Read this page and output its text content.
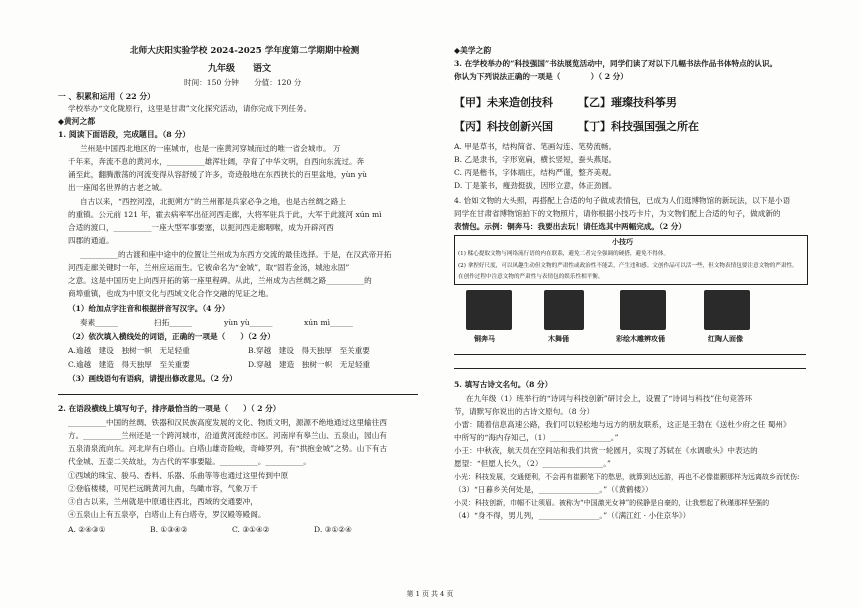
北师大庆阳实验学校 2024-2025 学年度第二学期期中检测
九年级　　语文
时间：150 分钟　　分值：120 分
一 、积累和运用（ 22 分）
学校举办“文化陇原行，这里是甘肃”文化探究活动，请你完成下列任务。
◆黄河之都
1. 阅读下面语段，完成题目。（8 分）
兰州是中国西北地区的一座城市，也是一座黄河穿城而过的唯一省会城市。 万
千年来，奔流不息的黄河水，__________雄浑壮阔，孕育了中华文明，自西向东流过。奔
涌至此，翻腾激荡的河流变得从容舒缓了许多，奇迹般地在东西狭长的百里盆地，yùn yù
出一座闻名世界的古老之城。
自古以来，“西控河湟，北扼朔方”的兰州都是兵家必争之地，也是古丝绸之路上
的重镇。公元前 121 年，霍去病率军出征河西走廊，大将军驻兵于此，大军于此渡河 xún mì
合适的渡口，__________一座大型军事要塞，以扼河西走廊咽喉，成为开辟河西
四郡的通道。
__________的古渡和座中途中的位置让兰州成为东西方交流的最佳选择。于是，在汉武帝开拓
河西走廊关键时一年，兰州应运而生。它被命名为“金城”，取“固若金汤，城池永固”
之意。这是中国历史上向西开拓的第一座里程碑。从此，兰州成为古丝绸之路__________的
商埠重镇，也成为中原文化与西域文化合作交融的见证之地。
（1）给加点字注音和根据拼音写汉字。（4 分）
奏素______	扫拓______	yùn yù______	xún mì______
（2）依次填入横线处的词语，正确的一项是（　　）（2 分）
A.逾越　建设　独树一帜　无足轻重	B.穿越　建设　得天独厚　至关重要
C.逾越　建造　得天独厚　至关重要	D.穿越　建造　独树一帜　无足轻重
（3）画线语句有语病，请提出修改意见。（2 分）
2. 在语段横线上填写句子，排序最恰当的一项是（　　）（ 2 分）
__________中国的丝绸、铁器和汉民族高度发展的文化、物质文明，源源不绝地通过这里输往西
方。__________兰州还是一个跨河城市，沿道黄河流经市区。河南岸有皋兰山、五泉山，园山有
五泉清泉流向东。河北岸有白塔山。白塔山雄奇险峻，奇峰罗列，有“拱抱金城”之势。山下有古
代金城、五壶二关故址，为古代的军事要隘。__________。__________。
①西域的珠宝、骏马、香料、乐器、乐曲等等也通过这里传到中原
②登临楼楼，可见栏远眺黄河九曲，鸟瞰市容，气象万千
③自古以来，兰州就是中原通往西北，西域的交通要冲，
④五泉山上有五泉亭，白塔山上有白塔寺，罗汉殿等殿阁。
A. ②④③①	B. ①③④②	C. ③①④②	D. ③①②④
◆美学之韵
3. 在学校举办的“科技强国”书法展览活动中，同学们读了对以下几幅书法作品书体特点的认识。
你认为下列说法正确的一项是（　　　　）（ 2 分）
【甲】未来造创技科 【乙】璀璨技科筝男
【丙】科技创新兴国 【丁】科技强国强之所在
A. 甲是草书，结构简省、笔画勾连、笔势流畅。
B. 乙是隶书，字形宽扁，横长竖短，蚕头燕尾。
C. 丙是楷书，字体端庄，结构严谨，整齐美观。
D. 丁是篆书，瘦劲挺拔，因形立意，体正劲圆。
4. 恰如文物的大头照，再搭配上合适的句子做成表情包，已成为人们逛博物馆的新玩法，以下是小语
同学在甘肃省博物馆拍下的文物照片，请你根据小技巧卡片，为文物们配上合适的句子，做成新的
表情包。示例：铜奔马：我要出去玩！请任选其中两幅完成。（2 分）
小技巧
(1) 糅心提取文物与网络流行语的内在联系，避免二者完全强调的硬搭，避免不得体。
(2) 拿捏好尺度，可以风趣生动但文物的严肃性或政治性不能丢，产生违和感。文创作品可以活一些，但文物表情包要注意文物的严肃性。
在创作过程中注意文物的严肃性与表情包的娱乐性相平衡。
铜奔马	木舞俑	彩绘木雕辨攻俑	红陶人面像
5. 填写古诗文名句。（8 分）
在九年级（1）班举行的“诗词与科技创新”研讨会上，设置了“诗词与科技”住句竞答环
节，请默写你说出的古诗文原句。（8 分）
小雷：随着信息高速公路，我们可以轻松地与远方的朋友联系，这正是王勃在《送杜少府之任 蜀州》
中所写的“海内存知己，（1）________________。”
小王：中秋夜，航天员在空间站和我们共赏一轮圆月，实现了苏轼在《水调歌头》中表达的
愿望：“但愿人长久，（2）________________。”
小光：科技发展，交通便利，不会再有崔颢笔下的愁思，就算到达远游，再也不必像崔颢那样为远离故乡而忧伤:
（3）“日暮乡关何处是，________________。”（《黄鹤楼》）
小灵：科技创新，巾帼不让须眉。被称为“中国激光女神”的侯静是自豪的，让我想起了秋瑾那样坚强的
（4）“身不得，男儿列，________________。”（《满江红 · 小住京华》）
第 1 页 共 4 页
